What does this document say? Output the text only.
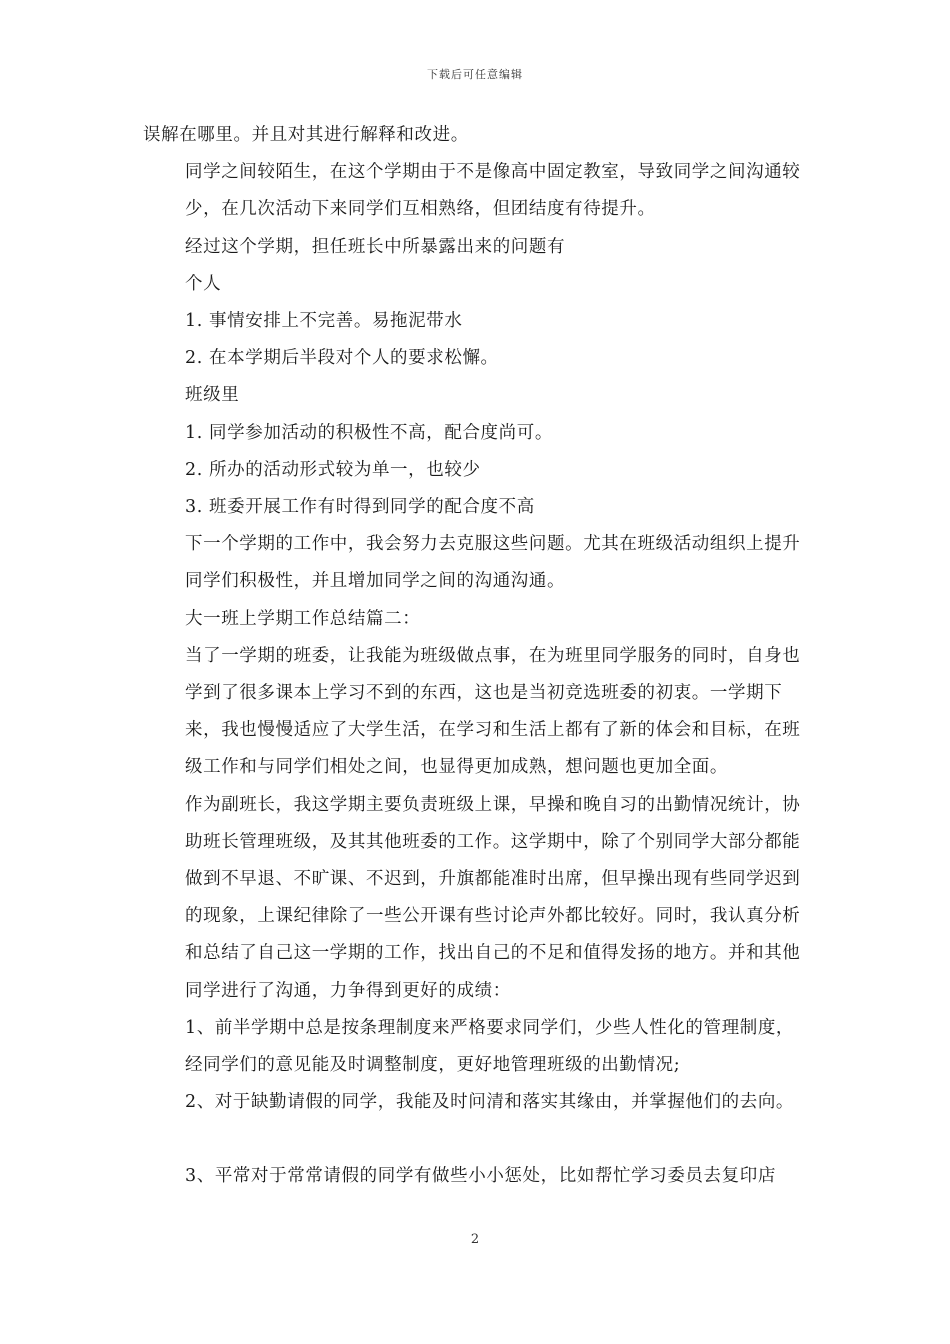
下载后可任意编辑

误解在哪里。并且对其进行解释和改进。

同学之间较陌生，在这个学期由于不是像高中固定教室，导致同学之间沟通较少，在几次活动下来同学们互相熟络，但团结度有待提升。

经过这个学期，担任班长中所暴露出来的问题有

个人

1. 事情安排上不完善。易拖泥带水

2. 在本学期后半段对个人的要求松懈。

班级里

1. 同学参加活动的积极性不高，配合度尚可。

2. 所办的活动形式较为单一，也较少

3. 班委开展工作有时得到同学的配合度不高

下一个学期的工作中，我会努力去克服这些问题。尤其在班级活动组织上提升同学们积极性，并且增加同学之间的沟通沟通。

大一班上学期工作总结篇二：

当了一学期的班委，让我能为班级做点事，在为班里同学服务的同时，自身也学到了很多课本上学习不到的东西，这也是当初竞选班委的初衷。一学期下来，我也慢慢适应了大学生活，在学习和生活上都有了新的体会和目标，在班级工作和与同学们相处之间，也显得更加成熟，想问题也更加全面。

作为副班长，我这学期主要负责班级上课，早操和晚自习的出勤情况统计，协助班长管理班级，及其其他班委的工作。这学期中，除了个别同学大部分都能做到不早退、不旷课、不迟到，升旗都能准时出席，但早操出现有些同学迟到的现象，上课纪律除了一些公开课有些讨论声外都比较好。同时，我认真分析和总结了自己这一学期的工作，找出自己的不足和值得发扬的地方。并和其他同学进行了沟通，力争得到更好的成绩：

1、前半学期中总是按条理制度来严格要求同学们，少些人性化的管理制度，经同学们的意见能及时调整制度，更好地管理班级的出勤情况;

2、对于缺勤请假的同学，我能及时问清和落实其缘由，并掌握他们的去向。

3、平常对于常常请假的同学有做些小小惩处，比如帮忙学习委员去复印店

2
